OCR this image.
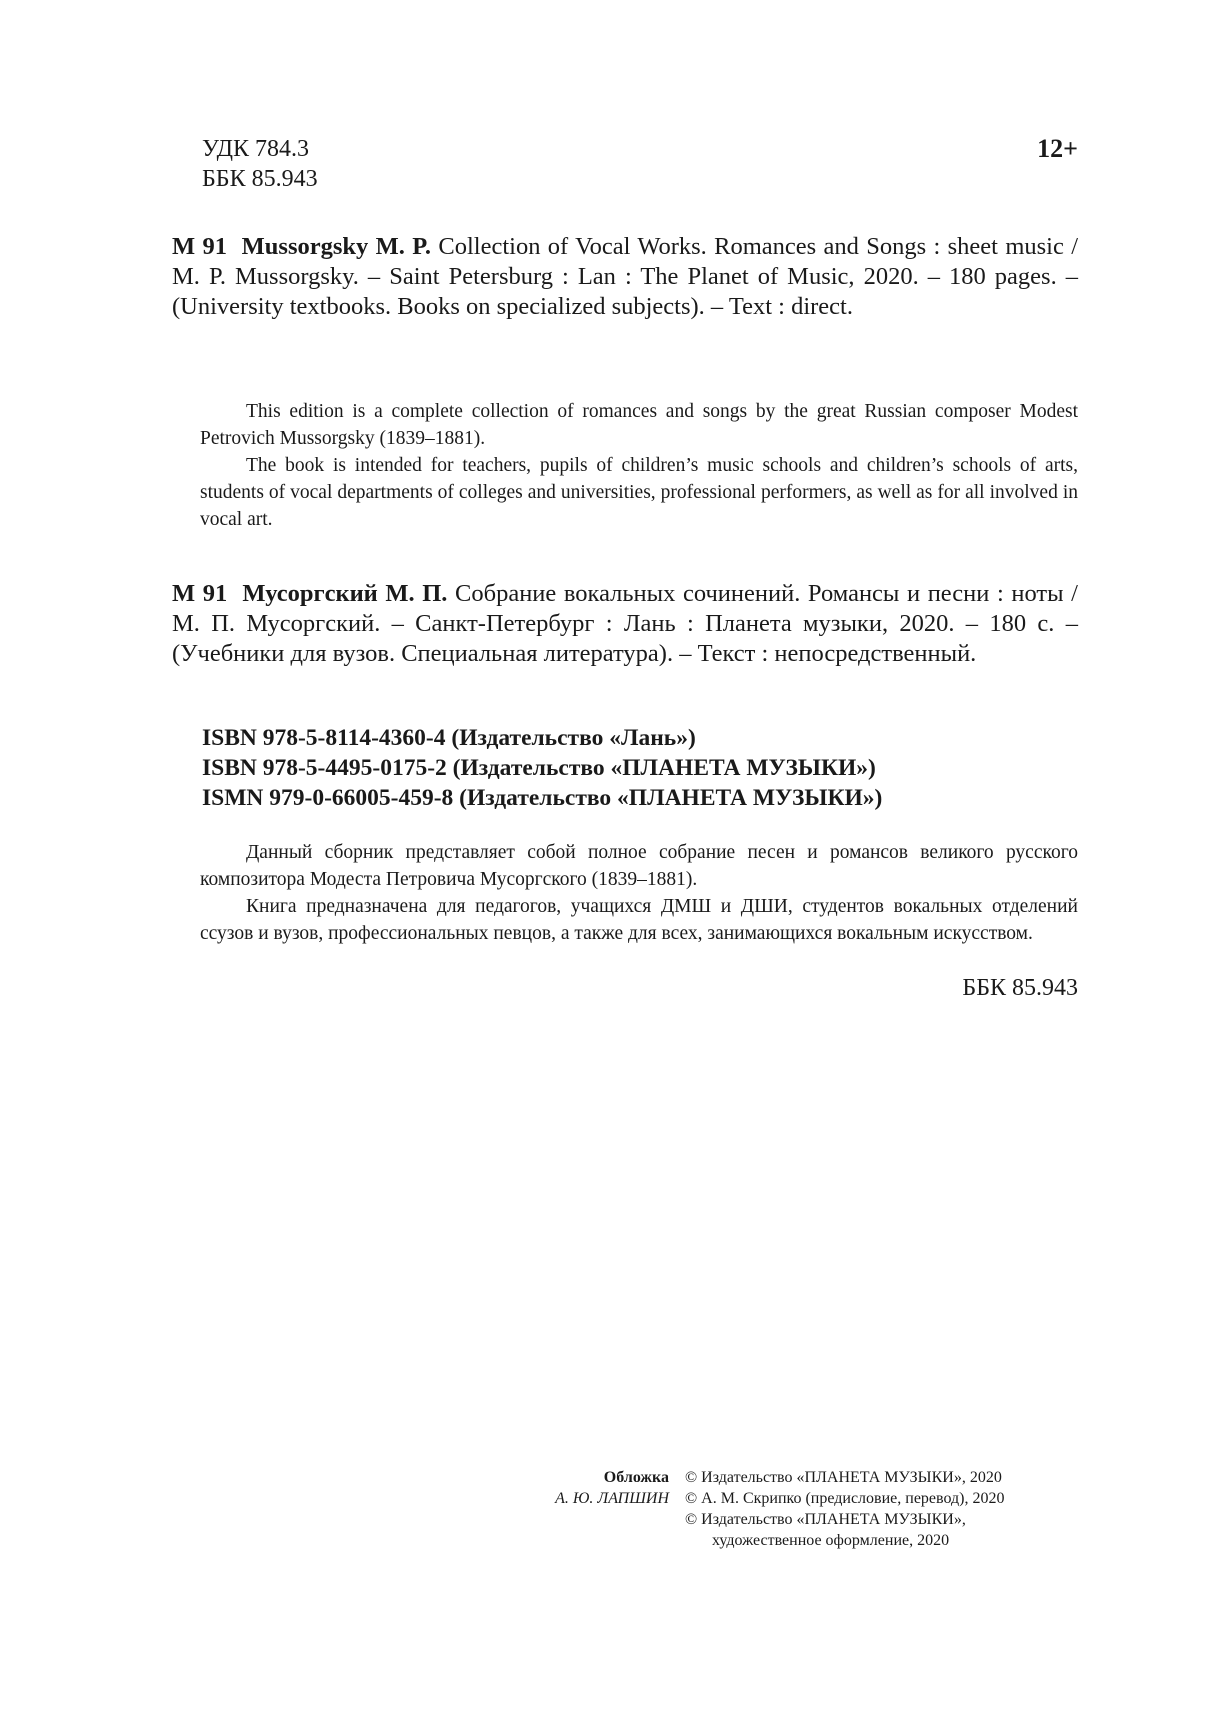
УДК 784.3
ББК 85.943
12+
М 91 Mussorgsky M. P. Collection of Vocal Works. Romances and Songs : sheet music / M. P. Mussorgsky. – Saint Petersburg : Lan : The Planet of Music, 2020. – 180 pages. – (University textbooks. Books on specialized subjects). – Text : direct.

This edition is a complete collection of romances and songs by the great Russian composer Modest Petrovich Mussorgsky (1839–1881).

The book is intended for teachers, pupils of children’s music schools and children’s schools of arts, students of vocal departments of colleges and universities, professional performers, as well as for all involved in vocal art.

М 91 Мусоргский М. П. Собрание вокальных сочинений. Романсы и песни : ноты / М. П. Мусоргский. – Санкт-Петербург : Лань : Планета музыки, 2020. – 180 с. – (Учебники для вузов. Специальная литература). – Текст : непосредственный.
ISBN 978-5-8114-4360-4 (Издательство «Лань»)
ISBN 978-5-4495-0175-2 (Издательство «ПЛАНЕТА МУЗЫКИ»)
ISMN 979-0-66005-459-8 (Издательство «ПЛАНЕТА МУЗЫКИ»)

Данный сборник представляет собой полное собрание песен и романсов великого русского композитора Модеста Петровича Мусоргского (1839–1881).

Книга предназначена для педагогов, учащихся ДМШ и ДШИ, студентов вокальных отделений ссузов и вузов, профессиональных певцов, а также для всех, занимающихся вокальным искусством.

ББК 85.943
Обложка
А. Ю. ЛАПШИН
© Издательство «ПЛАНЕТА МУЗЫКИ», 2020
© А. М. Скрипко (предисловие, перевод), 2020
© Издательство «ПЛАНЕТА МУЗЫКИ»,
художественное оформление, 2020
